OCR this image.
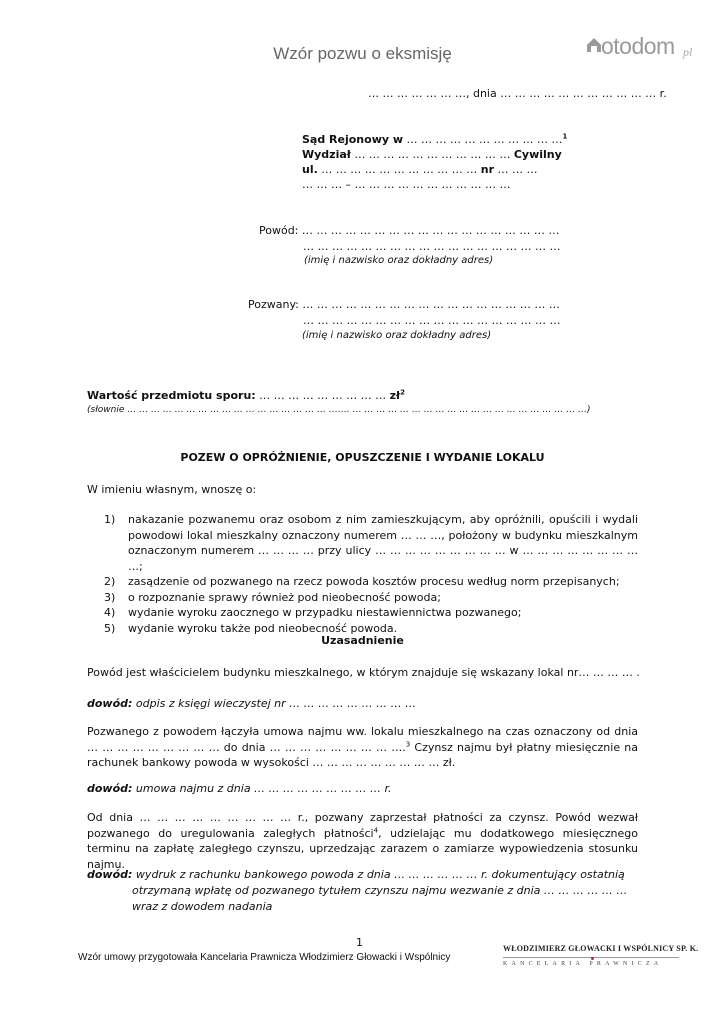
Wzór pozwu o eksmisję	otodom pl
… … … … … … …, dnia … … … … … … … … … … … r.
Sąd Rejonowy w … … … … … … … … … … …$^1$
Wydział … … … … … … … … … … … Cywilny
ul. … … … … … … … … … … … nr … … …
… … … – … … … … … … … … … … …
Powód: … … … … … … … … … … … … … … … … … …
… … … … … … … … … … … … … … … … … …
(imię i nazwisko oraz dokładny adres)
Pozwany: … … … … … … … … … … … … … … … … … …
… … … … … … … … … … … … … … … … … …
(imię i nazwisko oraz dokładny adres)
Wartość przedmiotu sporu: … … … … … … … … … $zł^2$
(słownie … … … … … … … … … … … … … … … … … ……. … … … … … … … … … … … … … … … … … … … …)
POZEW O OPRÓŻNIENIE, OPUSZCZENIE I WYDANIE LOKALU
W imieniu własnym, wnoszę o:
1) nakazanie pozwanemu oraz osobom z nim zamieszkującym, aby opróżnili, opuścili i wydali powodowi lokal mieszkalny oznaczony numerem … … …, położony w budynku mieszkalnym oznaczonym numerem … … … … przy ulicy … … … … … … … … … w … … … … … … … … …;
2) zasądzenie od pozwanego na rzecz powoda kosztów procesu według norm przepisanych;
3) o rozpoznanie sprawy również pod nieobecność powoda;
4) wydanie wyroku zaocznego w przypadku niestawiennictwa pozwanego;
5) wydanie wyroku także pod nieobecność powoda.
Uzasadnienie
Powód jest właścicielem budynku mieszkalnego, w którym znajduje się wskazany lokal nr… … … … .
dowód: odpis z księgi wieczystej nr … … … … … … … … …
Pozwanego z powodem łączyła umowa najmu ww. lokalu mieszkalnego na czas oznaczony od dnia … … … … … … … … … do dnia … … … … … … … … ….$^3$ Czynsz najmu był płatny miesięcznie na rachunek bankowy powoda w wysokości … … … … … … … … … zł.
dowód: umowa najmu z dnia … … … … … … … … … r.
Od dnia … … … … … … … … … r., pozwany zaprzestał płatności za czynsz. Powód wezwał pozwanego do uregulowania zaległych płatności$^4$, udzielając mu dodatkowego miesięcznego terminu na zapłatę zaległego czynszu, uprzedzając zarazem o zamiarze wypowiedzenia stosunku najmu.
dowód: wydruk z rachunku bankowego powoda z dnia … … … … … … r. dokumentujący ostatnią
otrzymaną wpłatę od pozwanego tytułem czynszu najmu wezwanie z dnia … … … … … …
wraz z dowodem nadania
1
Wzór umowy przygotowała Kancelaria Prawnicza Włodzimierz Głowacki i Wspólnicy
WŁODZIMIERZ GŁOWACKI I WSPÓLNICY SP. K.
KANCELARIA PRAWNICZA
